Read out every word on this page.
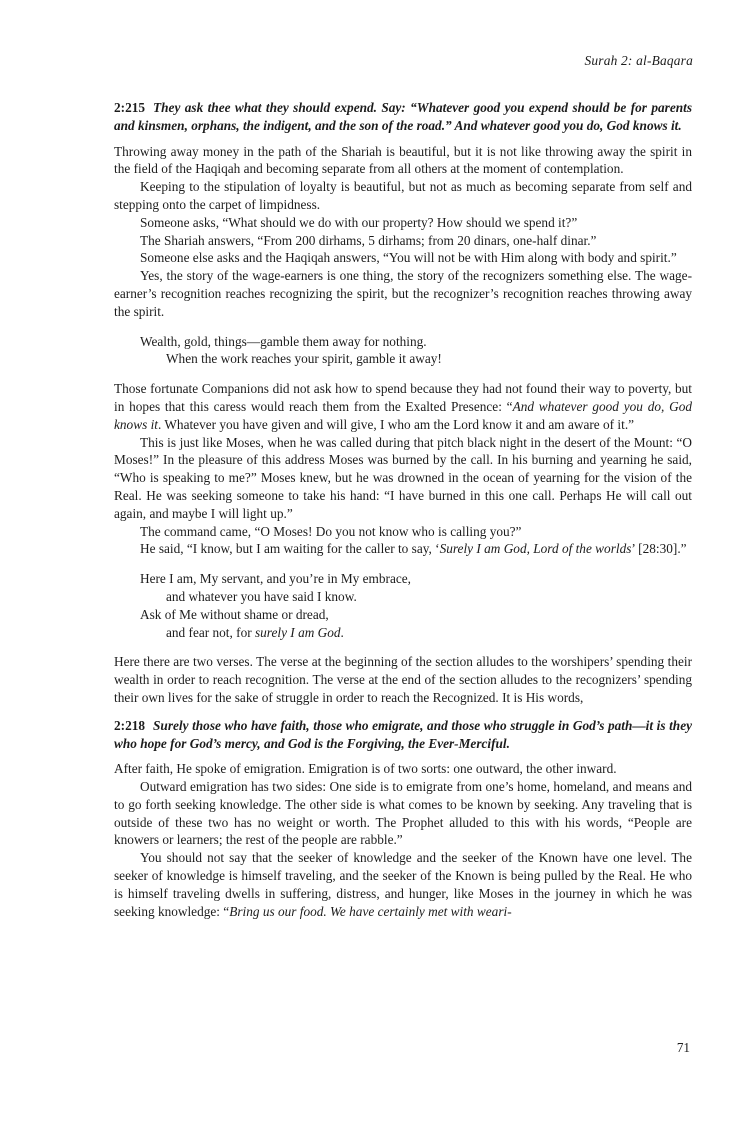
Surah 2: al-Baqara

2:215 They ask thee what they should expend. Say: “Whatever good you expend should be for parents and kinsmen, orphans, the indigent, and the son of the road.” And whatever good you do, God knows it.

Throwing away money in the path of the Shariah is beautiful, but it is not like throwing away the spirit in the field of the Haqiqah and becoming separate from all others at the moment of contemplation.

Keeping to the stipulation of loyalty is beautiful, but not as much as becoming separate from self and stepping onto the carpet of limpidness.

Someone asks, “What should we do with our property? How should we spend it?”

The Shariah answers, “From 200 dirhams, 5 dirhams; from 20 dinars, one-half dinar.”

Someone else asks and the Haqiqah answers, “You will not be with Him along with body and spirit.”

Yes, the story of the wage-earners is one thing, the story of the recognizers something else. The wage-earner’s recognition reaches recognizing the spirit, but the recognizer’s recognition reaches throwing away the spirit.

Wealth, gold, things—gamble them away for nothing.
When the work reaches your spirit, gamble it away!

Those fortunate Companions did not ask how to spend because they had not found their way to poverty, but in hopes that this caress would reach them from the Exalted Presence: “And whatever good you do, God knows it. Whatever you have given and will give, I who am the Lord know it and am aware of it.”

This is just like Moses, when he was called during that pitch black night in the desert of the Mount: “O Moses!” In the pleasure of this address Moses was burned by the call. In his burning and yearning he said, “Who is speaking to me?” Moses knew, but he was drowned in the ocean of yearning for the vision of the Real. He was seeking someone to take his hand: “I have burned in this one call. Perhaps He will call out again, and maybe I will light up.”

The command came, “O Moses! Do you not know who is calling you?”

He said, “I know, but I am waiting for the caller to say, ‘Surely I am God, Lord of the worlds’ [28:30].”

Here I am, My servant, and you’re in My embrace,
and whatever you have said I know.
Ask of Me without shame or dread,
and fear not, for surely I am God.

Here there are two verses. The verse at the beginning of the section alludes to the worshipers’ spending their wealth in order to reach recognition. The verse at the end of the section alludes to the recognizers’ spending their own lives for the sake of struggle in order to reach the Recognized. It is His words,

2:218 Surely those who have faith, those who emigrate, and those who struggle in God’s path—it is they who hope for God’s mercy, and God is the Forgiving, the Ever-Merciful.

After faith, He spoke of emigration. Emigration is of two sorts: one outward, the other inward.

Outward emigration has two sides: One side is to emigrate from one’s home, homeland, and means and to go forth seeking knowledge. The other side is what comes to be known by seeking. Any traveling that is outside of these two has no weight or worth. The Prophet alluded to this with his words, “People are knowers or learners; the rest of the people are rabble.”

You should not say that the seeker of knowledge and the seeker of the Known have one level. The seeker of knowledge is himself traveling, and the seeker of the Known is being pulled by the Real. He who is himself traveling dwells in suffering, distress, and hunger, like Moses in the journey in which he was seeking knowledge: “Bring us our food. We have certainly met with weari-

71
